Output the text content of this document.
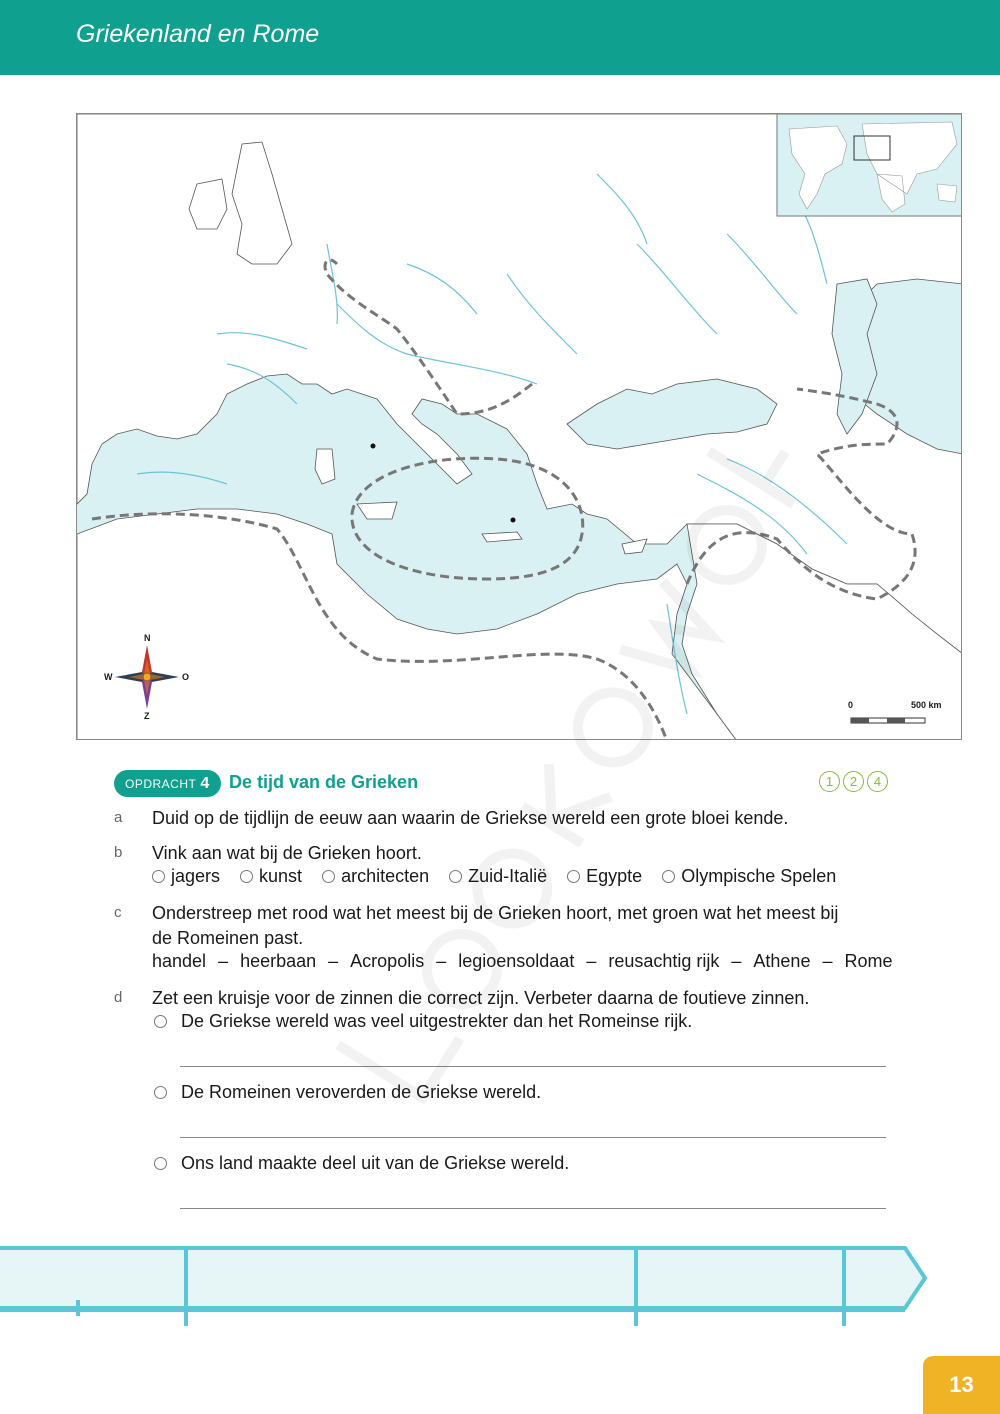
Griekenland en Rome
N
O
Z
W
0	500 km
OPDRACHT 4	De tijd van de Grieken	1	2	4
a Duid op de tijdlijn de eeuw aan waarin de Griekse wereld een grote bloei kende.
b Vink aan wat bij de Grieken hoort.
jagers kunst architecten Zuid-Italië Egypte Olympische Spelen
c Onderstreep met rood wat het meest bij de Grieken hoort, met groen wat het meest bij
de Romeinen past.
handel – heerbaan – Acropolis – legioensoldaat – reusachtig rijk – Athene – Rome
d Zet een kruisje voor de zinnen die correct zijn. Verbeter daarna de foutieve zinnen.
De Griekse wereld was veel uitgestrekter dan het Romeinse rijk.
De Romeinen veroverden de Griekse wereld.
Ons land maakte deel uit van de Griekse wereld.
13
